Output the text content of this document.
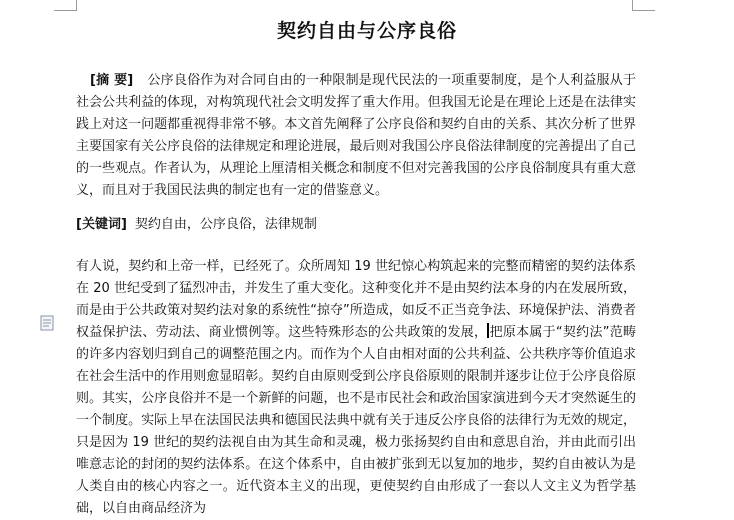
契约自由与公序良俗

[摘 要] 公序良俗作为对合同自由的一种限制是现代民法的一项重要制度，是个人利益服从于社会公共利益的体现，对构筑现代社会文明发挥了重大作用。但我国无论是在理论上还是在法律实践上对这一问题都重视得非常不够。本文首先阐释了公序良俗和契约自由的关系、其次分析了世界主要国家有关公序良俗的法律规定和理论进展，最后则对我国公序良俗法律制度的完善提出了自己的一些观点。作者认为，从理论上厘清相关概念和制度不但对完善我国的公序良俗制度具有重大意义，而且对于我国民法典的制定也有一定的借鉴意义。

[关键词] 契约自由，公序良俗，法律规制

有人说，契约和上帝一样，已经死了。众所周知 19 世纪惊心构筑起来的完整而精密的契约法体系在 20 世纪受到了猛烈冲击，并发生了重大变化。这种变化并不是由契约法本身的内在发展所致，而是由于公共政策对契约法对象的系统性“掠夺”所造成，如反不正当竞争法、环境保护法、消费者权益保护法、劳动法、商业惯例等。这些特殊形态的公共政策的发展， 把原本属于“契约法”范畴的许多内容划归到自己的调整范围之内。而作为个人自由相对面的公共利益、公共秩序等价值追求在社会生活中的作用则愈显昭彰。契约自由原则受到公序良俗原则的限制并逐步让位于公序良俗原则。其实，公序良俗并不是一个新鲜的问题，也不是市民社会和政治国家演进到今天才突然诞生的一个制度。实际上早在法国民法典和德国民法典中就有关于违反公序良俗的法律行为无效的规定，只是因为 19 世纪的契约法视自由为其生命和灵魂，极力张扬契约自由和意思自治，并由此而引出唯意志论的封闭的契约法体系。在这个体系中，自由被扩张到无以复加的地步，契约自由被认为是人类自由的核心内容之一。近代资本主义的出现，更使契约自由形成了一套以人文主义为哲学基础，以自由商品经济为
